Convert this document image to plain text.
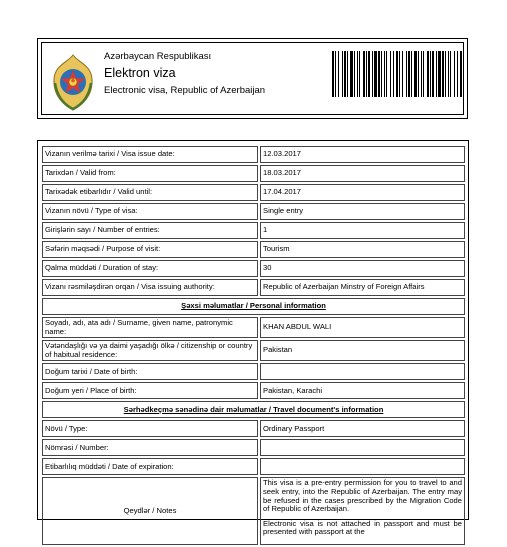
Azərbaycan Respublikası
Elektron viza
Electronic visa, Republic of Azerbaijan
Vizanın verilmə tarixi / Visa issue date:	12.03.2017
Tarixdən / Valid from:	18.03.2017
Tarixədək etibarlıdır / Valid until:	17.04.2017
Vizanın növü / Type of visa:	Single entry
Girişlərin sayı / Number of entries:	1
Səfərin məqsədi / Purpose of visit:	Tourism
Qalma müddəti / Duration of stay:	30
Vizanı rəsmiləşdirən orqan / Visa issuing authority:	Republic of Azerbaijan Minstry of Foreign Affairs
Şəxsi məlumatlar / Personal information	
Soyadı, adı, ata adı / Surname, given name, patronymic name:	KHAN ABDUL WALI
Vətəndaşlığı və ya daimi yaşadığı ölkə / citizenship or country of habitual residence:	Pakistan
Doğum tarixi / Date of birth:	
Doğum yeri / Place of birth:	Pakistan, Karachi
Sərhədkeçmə sənədinə dair məlumatlar / Travel document's information	
Növü / Type:	Ordinary Passport
Nömrəsi / Number:	
Etibarlılıq müddəti / Date of expiration:	
Qeydlər / Notes	This visa is a pre-entry permission for you to travel to and seek entry, into the Republic of Azerbaijan. The entry may be refused in the cases prescribed by the Migration Code of Republic of Azerbaijan.

Electronic visa is not attached in passport and must be presented with passport at the
